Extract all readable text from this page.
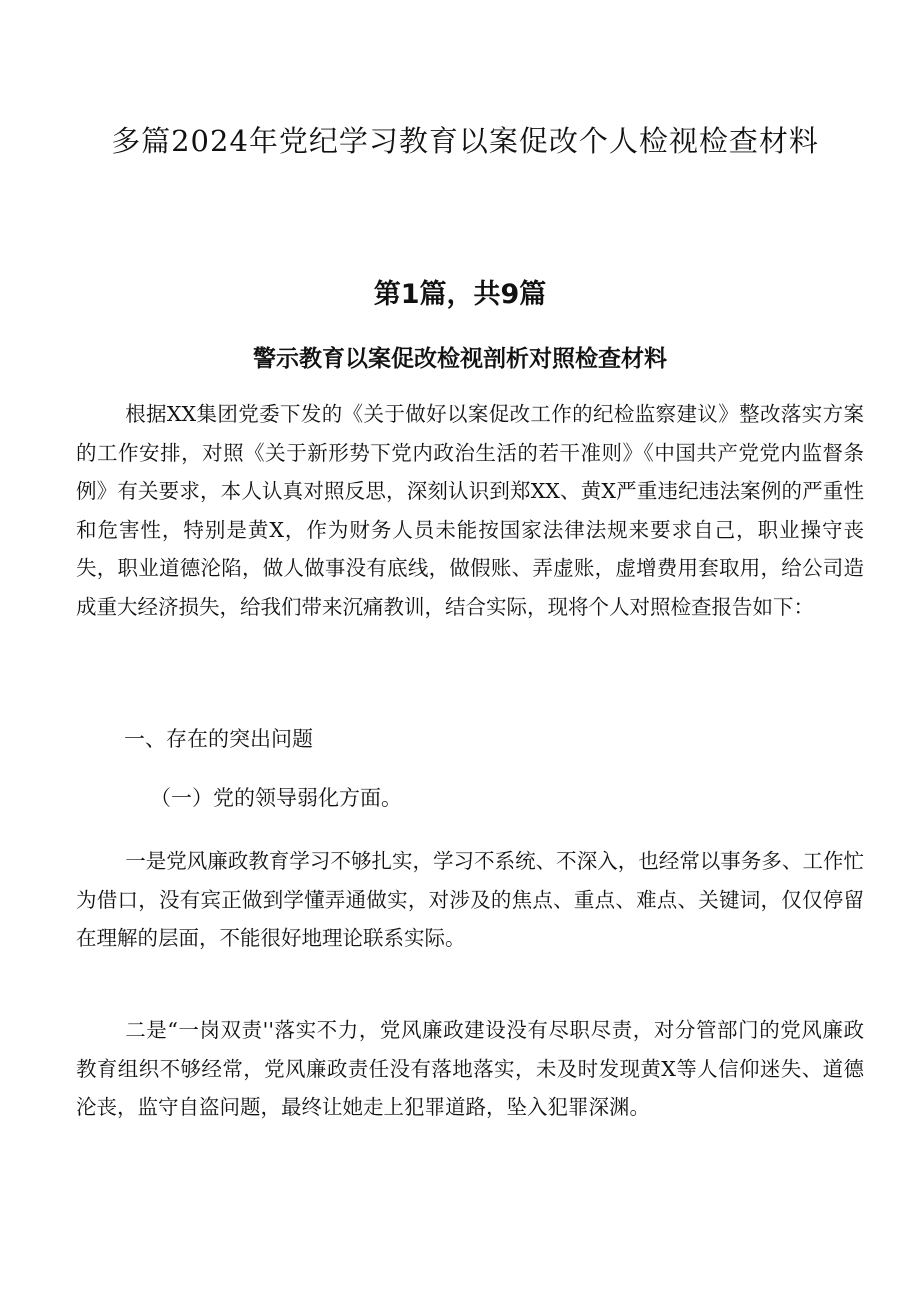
多篇2024年党纪学习教育以案促改个人检视检查材料
第1篇，共9篇
警示教育以案促改检视剖析对照检查材料

根据XX集团党委下发的《关于做好以案促改工作的纪检监察建议》整改落实方案的工作安排，对照《关于新形势下党内政治生活的若干准则》《中国共产党党内监督条例》有关要求，本人认真对照反思，深刻认识到郑XX、黄X严重违纪违法案例的严重性和危害性，特别是黄X，作为财务人员未能按国家法律法规来要求自己，职业操守丧失，职业道德沦陷，做人做事没有底线，做假账、弄虚账，虚增费用套取用，给公司造成重大经济损失，给我们带来沉痛教训，结合实际，现将个人对照检查报告如下：

一、存在的突出问题

（一）党的领导弱化方面。

一是党风廉政教育学习不够扎实，学习不系统、不深入，也经常以事务多、工作忙为借口，没有宾正做到学懂弄通做实，对涉及的焦点、重点、难点、关键词，仅仅停留在理解的层面，不能很好地理论联系实际。

二是“一岗双责''落实不力，党风廉政建设没有尽职尽责，对分管部门的党风廉政教育组织不够经常，党风廉政责任没有落地落实，未及时发现黄X等人信仰迷失、道德沦丧，监守自盗问题，最终让她走上犯罪道路，坠入犯罪深渊。
